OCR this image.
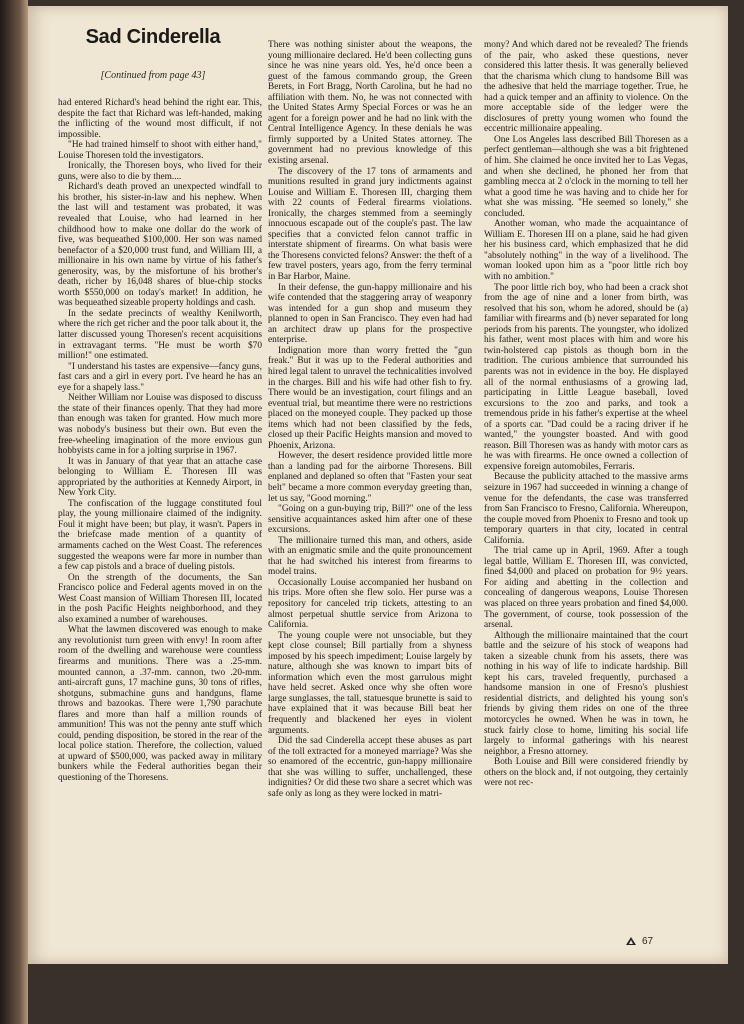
Sad Cinderella
[Continued from page 43]

had entered Richard's head behind the right ear. This, despite the fact that Richard was left-handed, making the inflicting of the wound most difficult, if not impossible.

"He had trained himself to shoot with either hand," Louise Thoresen told the investigators.

Ironically, the Thoresen boys, who lived for their guns, were also to die by them....

Richard's death proved an unexpected windfall to his brother, his sister-in-law and his nephew. When the last will and testament was probated, it was revealed that Louise, who had learned in her childhood how to make one dollar do the work of five, was bequeathed $100,000. Her son was named benefactor of a $20,000 trust fund, and William III, a millionaire in his own name by virtue of his father's generosity, was, by the misfortune of his brother's death, richer by 16,048 shares of blue-chip stocks worth $550,000 on today's market! In addition, he was bequeathed sizeable property holdings and cash.

In the sedate precincts of wealthy Kenilworth, where the rich get richer and the poor talk about it, the latter discussed young Thoresen's recent acquisitions in extravagant terms. "He must be worth $70 million!" one estimated.

"I understand his tastes are expensive—fancy guns, fast cars and a girl in every port. I've heard he has an eye for a shapely lass."

Neither William nor Louise was disposed to discuss the state of their finances openly. That they had more than enough was taken for granted. How much more was nobody's business but their own. But even the free-wheeling imagination of the more envious gun hobbyists came in for a jolting surprise in 1967.

It was in January of that year that an attache case belonging to William E. Thoresen III was appropriated by the authorities at Kennedy Airport, in New York City.

The confiscation of the luggage constituted foul play, the young millionaire claimed of the indignity. Foul it might have been; but play, it wasn't. Papers in the briefcase made mention of a quantity of armaments cached on the West Coast. The references suggested the weapons were far more in number than a few cap pistols and a brace of dueling pistols.

On the strength of the documents, the San Francisco police and Federal agents moved in on the West Coast mansion of William Thoresen III, located in the posh Pacific Heights neighborhood, and they also examined a number of warehouses.

What the lawmen discovered was enough to make any revolutionist turn green with envy! In room after room of the dwelling and warehouse were countless firearms and munitions. There was a .25-mm. mounted cannon, a .37-mm. cannon, two .20-mm. anti-aircraft guns, 17 machine guns, 30 tons of rifles, shotguns, submachine guns and handguns, flame throws and bazookas. There were 1,790 parachute flares and more than half a million rounds of ammunition! This was not the penny ante stuff which could, pending disposition, be stored in the rear of the local police station. Therefore, the collection, valued at upward of $500,000, was packed away in military bunkers while the Federal authorities began their questioning of the Thoresens.

There was nothing sinister about the weapons, the young millionaire declared. He'd been collecting guns since he was nine years old. Yes, he'd once been a guest of the famous commando group, the Green Berets, in Fort Bragg, North Carolina, but he had no affiliation with them. No, he was not connected with the United States Army Special Forces or was he an agent for a foreign power and he had no link with the Central Intelligence Agency. In these denials he was firmly supported by a United States attorney. The government had no previous knowledge of this existing arsenal.

The discovery of the 17 tons of armaments and munitions resulted in grand jury indictments against Louise and William E. Thoresen III, charging them with 22 counts of Federal firearms violations. Ironically, the charges stemmed from a seemingly innocuous escapade out of the couple's past. The law specifies that a convicted felon cannot traffic in interstate shipment of firearms. On what basis were the Thoresens convicted felons? Answer: the theft of a few travel posters, years ago, from the ferry terminal in Bar Harbor, Maine.

In their defense, the gun-happy millionaire and his wife contended that the staggering array of weaponry was intended for a gun shop and museum they planned to open in San Francisco. They even had had an architect draw up plans for the prospective enterprise.

Indignation more than worry fretted the "gun freak." But it was up to the Federal authorities and hired legal talent to unravel the technicalities involved in the charges. Bill and his wife had other fish to fry. There would be an investigation, court filings and an eventual trial, but meantime there were no restrictions placed on the moneyed couple. They packed up those items which had not been classified by the feds, closed up their Pacific Heights mansion and moved to Phoenix, Arizona.

However, the desert residence provided little more than a landing pad for the airborne Thoresens. Bill enplaned and deplaned so often that "Fasten your seat belt" became a more common everyday greeting than, let us say, "Good morning."

"Going on a gun-buying trip, Bill?" one of the less sensitive acquaintances asked him after one of these excursions.

The millionaire turned this man, and others, aside with an enigmatic smile and the quite pronouncement that he had switched his interest from firearms to model trains.

Occasionally Louise accompanied her husband on his trips. More often she flew solo. Her purse was a repository for canceled trip tickets, attesting to an almost perpetual shuttle service from Arizona to California.

The young couple were not unsociable, but they kept close counsel; Bill partially from a shyness imposed by his speech impediment; Louise largely by nature, although she was known to impart bits of information which even the most garrulous might have held secret. Asked once why she often wore large sunglasses, the tall, statuesque brunette is said to have explained that it was because Bill beat her frequently and blackened her eyes in violent arguments.

Did the sad Cinderella accept these abuses as part of the toll extracted for a moneyed marriage? Was she so enamored of the eccentric, gun-happy millionaire that she was willing to suffer, unchallenged, these indignities? Or did these two share a secret which was safe only as long as they were locked in matri-

mony? And which dared not be revealed? The friends of the pair, who asked these questions, never considered this latter thesis. It was generally believed that the charisma which clung to handsome Bill was the adhesive that held the marriage together. True, he had a quick temper and an affinity to violence. On the more acceptable side of the ledger were the disclosures of pretty young women who found the eccentric millionaire appealing.

One Los Angeles lass described Bill Thoresen as a perfect gentleman—although she was a bit frightened of him. She claimed he once invited her to Las Vegas, and when she declined, he phoned her from that gambling mecca at 2 o'clock in the morning to tell her what a good time he was having and to chide her for what she was missing. "He seemed so lonely," she concluded.

Another woman, who made the acquaintance of William E. Thoresen III on a plane, said he had given her his business card, which emphasized that he did "absolutely nothing" in the way of a livelihood. The woman looked upon him as a "poor little rich boy with no ambition."

The poor little rich boy, who had been a crack shot from the age of nine and a loner from birth, was resolved that his son, whom he adored, should be (a) familiar with firearms and (b) never separated for long periods from his parents. The youngster, who idolized his father, went most places with him and wore his twin-holstered cap pistols as though born in the tradition. The curious ambience that surrounded his parents was not in evidence in the boy. He displayed all of the normal enthusiasms of a growing lad, participating in Little League baseball, loved excursions to the zoo and parks, and took a tremendous pride in his father's expertise at the wheel of a sports car. "Dad could be a racing driver if he wanted," the youngster boasted. And with good reason. Bill Thoresen was as handy with motor cars as he was with firearms. He once owned a collection of expensive foreign automobiles, Ferraris.

Because the publicity attached to the massive arms seizure in 1967 had succeeded in winning a change of venue for the defendants, the case was transferred from San Francisco to Fresno, California. Whereupon, the couple moved from Phoenix to Fresno and took up temporary quarters in that city, located in central California.

The trial came up in April, 1969. After a tough legal battle, William E. Thoresen III, was convicted, fined $4,000 and placed on probation for 9½ years. For aiding and abetting in the collection and concealing of dangerous weapons, Louise Thoresen was placed on three years probation and fined $4,000. The government, of course, took possession of the arsenal.

Although the millionaire maintained that the court battle and the seizure of his stock of weapons had taken a sizeable chunk from his assets, there was nothing in his way of life to indicate hardship. Bill kept his cars, traveled frequently, purchased a handsome mansion in one of Fresno's plushiest residential districts, and delighted his young son's friends by giving them rides on one of the three motorcycles he owned. When he was in town, he stuck fairly close to home, limiting his social life largely to informal gatherings with his nearest neighbor, a Fresno attorney.

Both Louise and Bill were considered friendly by others on the block and, if not outgoing, they certainly were not rec-

67
